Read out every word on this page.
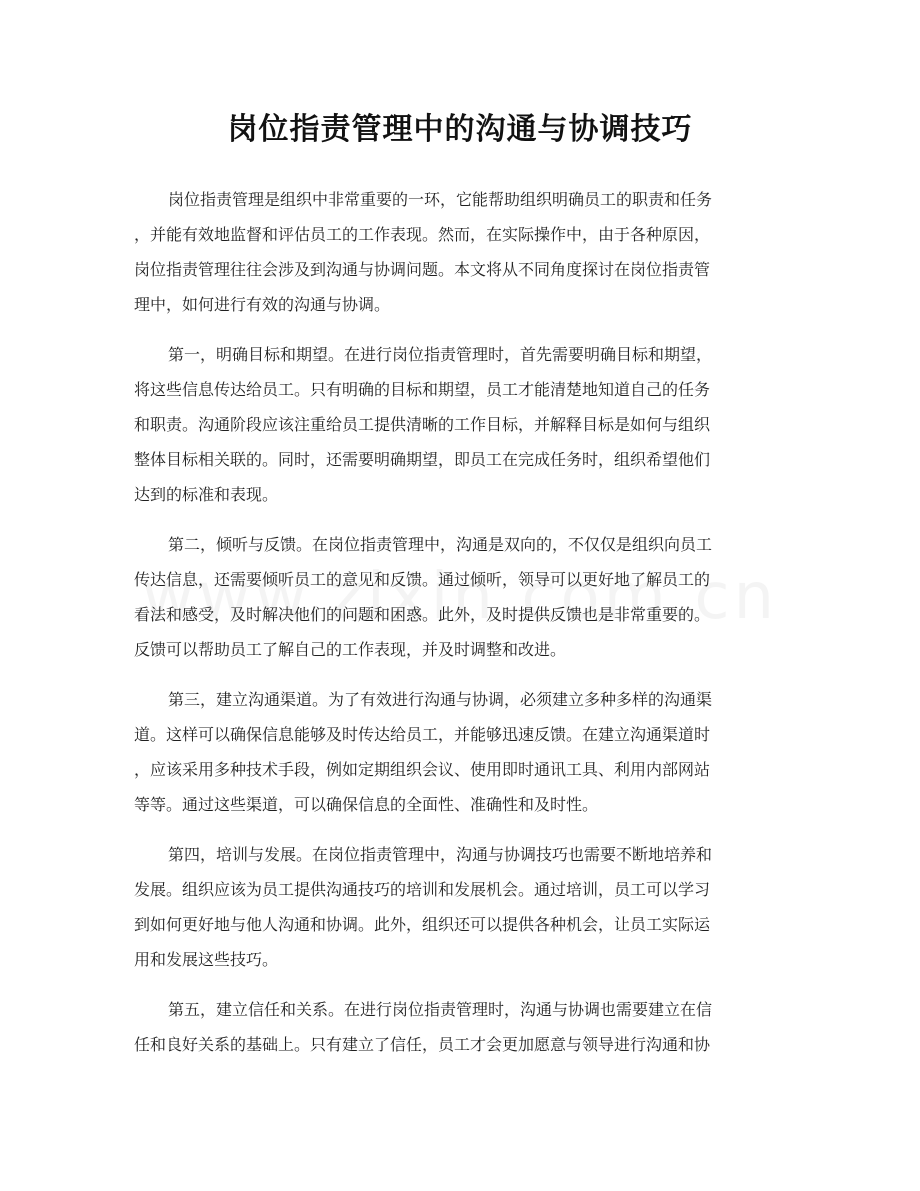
岗位指责管理中的沟通与协调技巧

岗位指责管理是组织中非常重要的一环，它能帮助组织明确员工的职责和任务
，并能有效地监督和评估员工的工作表现。然而，在实际操作中，由于各种原因，
岗位指责管理往往会涉及到沟通与协调问题。本文将从不同角度探讨在岗位指责管
理中，如何进行有效的沟通与协调。

第一，明确目标和期望。在进行岗位指责管理时，首先需要明确目标和期望，
将这些信息传达给员工。只有明确的目标和期望，员工才能清楚地知道自己的任务
和职责。沟通阶段应该注重给员工提供清晰的工作目标，并解释目标是如何与组织
整体目标相关联的。同时，还需要明确期望，即员工在完成任务时，组织希望他们
达到的标准和表现。

第二，倾听与反馈。在岗位指责管理中，沟通是双向的，不仅仅是组织向员工
传达信息，还需要倾听员工的意见和反馈。通过倾听，领导可以更好地了解员工的
看法和感受，及时解决他们的问题和困惑。此外，及时提供反馈也是非常重要的。
反馈可以帮助员工了解自己的工作表现，并及时调整和改进。

第三，建立沟通渠道。为了有效进行沟通与协调，必须建立多种多样的沟通渠
道。这样可以确保信息能够及时传达给员工，并能够迅速反馈。在建立沟通渠道时
，应该采用多种技术手段，例如定期组织会议、使用即时通讯工具、利用内部网站
等等。通过这些渠道，可以确保信息的全面性、准确性和及时性。

第四，培训与发展。在岗位指责管理中，沟通与协调技巧也需要不断地培养和
发展。组织应该为员工提供沟通技巧的培训和发展机会。通过培训，员工可以学习
到如何更好地与他人沟通和协调。此外，组织还可以提供各种机会，让员工实际运
用和发展这些技巧。

第五，建立信任和关系。在进行岗位指责管理时，沟通与协调也需要建立在信
任和良好关系的基础上。只有建立了信任，员工才会更加愿意与领导进行沟通和协
